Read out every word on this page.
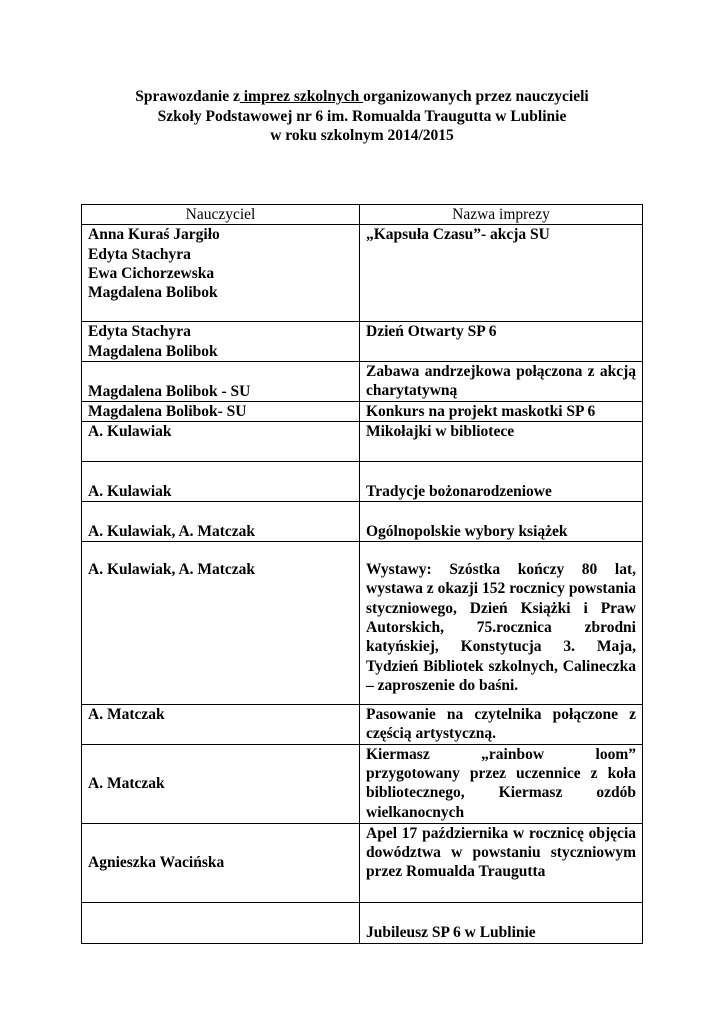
Sprawozdanie z imprez szkolnych organizowanych przez nauczycieli
Szkoły Podstawowej nr 6 im. Romualda Traugutta w Lublinie
w roku szkolnym 2014/2015
Nauczyciel	Nazwa imprezy

Anna Kuraś Jargiło
Edyta Stachyra
Ewa Cichorzewska
Magdalena Bolibok	„Kapsuła Czasu”- akcja SU

Edyta Stachyra
Magdalena Bolibok	Dzień Otwarty SP 6

Magdalena Bolibok - SU	Zabawa andrzejkowa połączona z akcją charytatywną

Magdalena Bolibok- SU	Konkurs na projekt maskotki SP 6

A. Kulawiak	Mikołajki w bibliotece

A. Kulawiak	Tradycje bożonarodzeniowe

A. Kulawiak, A. Matczak	Ogólnopolskie wybory książek

A. Kulawiak, A. Matczak	Wystawy: Szóstka kończy 80 lat, wystawa z okazji 152 rocznicy powstania styczniowego, Dzień Książki i Praw Autorskich, 75.rocznica zbrodni katyńskiej, Konstytucja 3. Maja, Tydzień Bibliotek szkolnych, Calineczka – zaproszenie do baśni.

A. Matczak	Pasowanie na czytelnika połączone z częścią artystyczną.

A. Matczak	Kiermasz „rainbow loom” przygotowany przez uczennice z koła bibliotecznego, Kiermasz ozdób wielkanocnych

Agnieszka Wacińska	Apel 17 października w rocznicę objęcia dowództwa w powstaniu styczniowym przez Romualda Traugutta

	Jubileusz SP 6 w Lublinie
